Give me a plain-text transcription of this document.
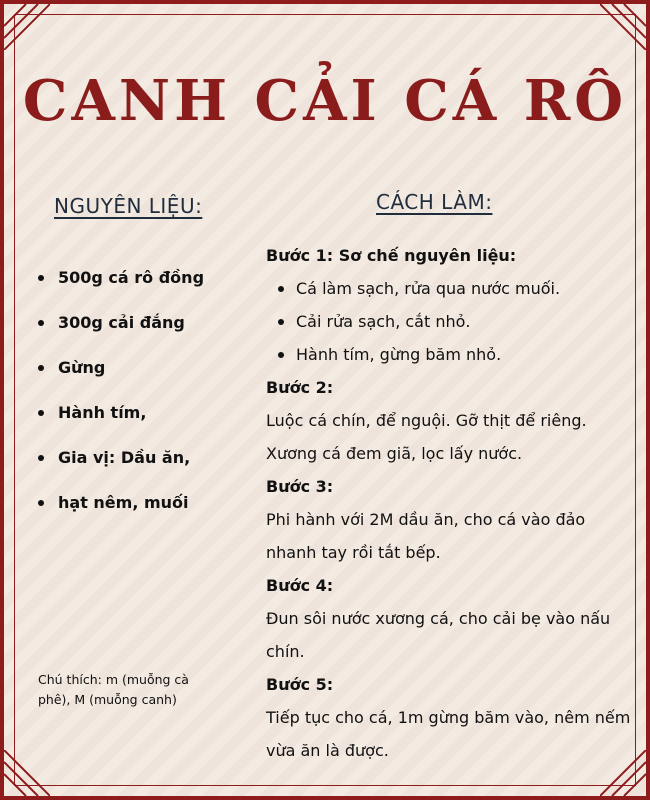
CANH CẢI CÁ RÔ
NGUYÊN LIỆU:	CÁCH LÀM:
500g cá rô đồng
300g cải đắng
Gừng
Hành tím,
Gia vị: Dầu ăn,
hạt nêm, muối
Chú thích: m (muỗng cà phê), M (muỗng canh)
Bước 1: Sơ chế nguyên liệu:
Cá làm sạch, rửa qua nước muối.
Cải rửa sạch, cắt nhỏ.
Hành tím, gừng băm nhỏ.
Bước 2:
Luộc cá chín, để nguội. Gỡ thịt để riêng. Xương cá đem giã, lọc lấy nước.
Bước 3:
Phi hành với 2M dầu ăn, cho cá vào đảo nhanh tay rồi tắt bếp.
Bước 4:
Đun sôi nước xương cá, cho cải bẹ vào nấu chín.
Bước 5:
Tiếp tục cho cá, 1m gừng băm vào, nêm nếm vừa ăn là được.
